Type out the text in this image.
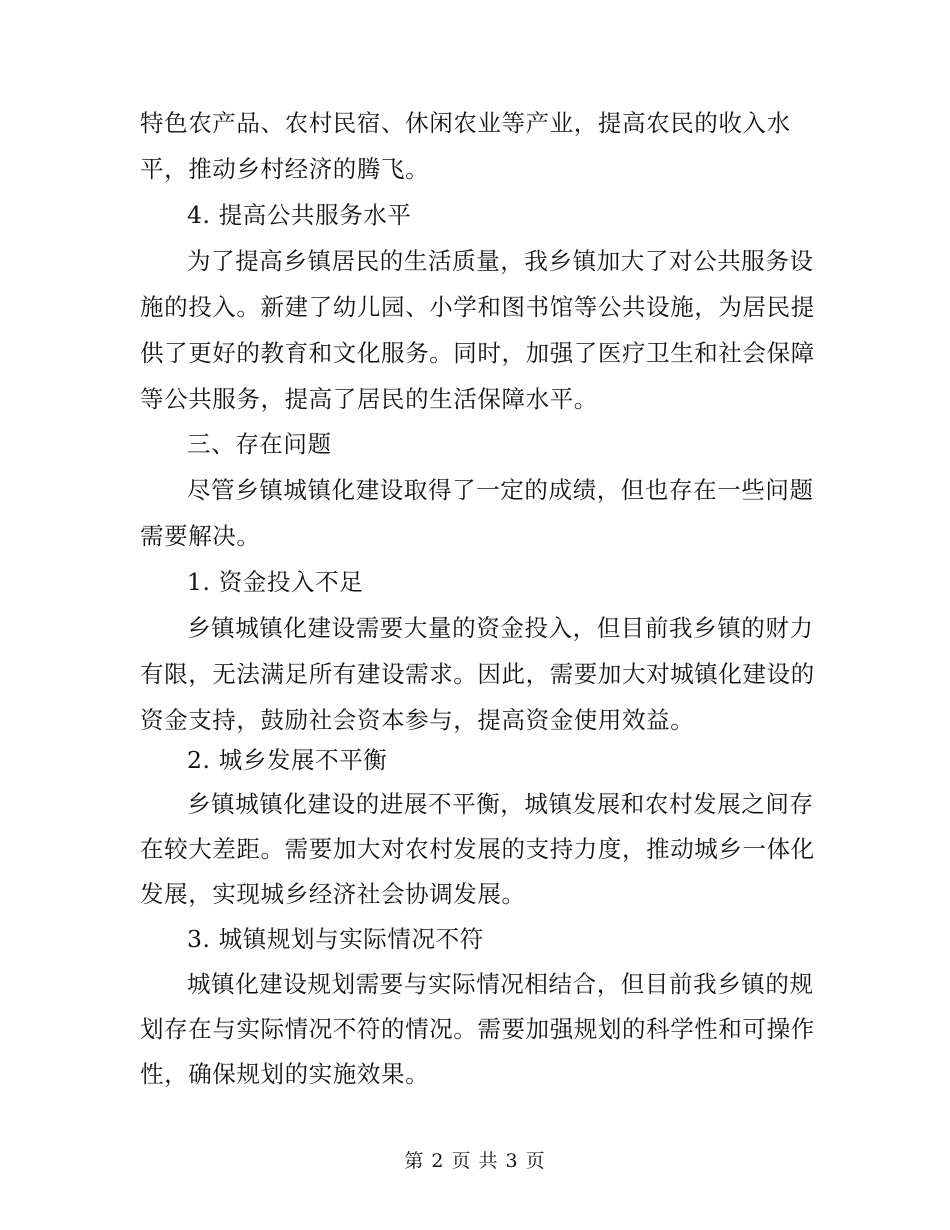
特色农产品、农村民宿、休闲农业等产业，提高农民的收入水
平，推动乡村经济的腾飞。
4. 提高公共服务水平
为了提高乡镇居民的生活质量，我乡镇加大了对公共服务设
施的投入。新建了幼儿园、小学和图书馆等公共设施，为居民提
供了更好的教育和文化服务。同时，加强了医疗卫生和社会保障
等公共服务，提高了居民的生活保障水平。
三、存在问题
尽管乡镇城镇化建设取得了一定的成绩，但也存在一些问题
需要解决。
1. 资金投入不足
乡镇城镇化建设需要大量的资金投入，但目前我乡镇的财力
有限，无法满足所有建设需求。因此，需要加大对城镇化建设的
资金支持，鼓励社会资本参与，提高资金使用效益。
2. 城乡发展不平衡
乡镇城镇化建设的进展不平衡，城镇发展和农村发展之间存
在较大差距。需要加大对农村发展的支持力度，推动城乡一体化
发展，实现城乡经济社会协调发展。
3. 城镇规划与实际情况不符
城镇化建设规划需要与实际情况相结合，但目前我乡镇的规
划存在与实际情况不符的情况。需要加强规划的科学性和可操作
性，确保规划的实施效果。
第 2 页 共 3 页
